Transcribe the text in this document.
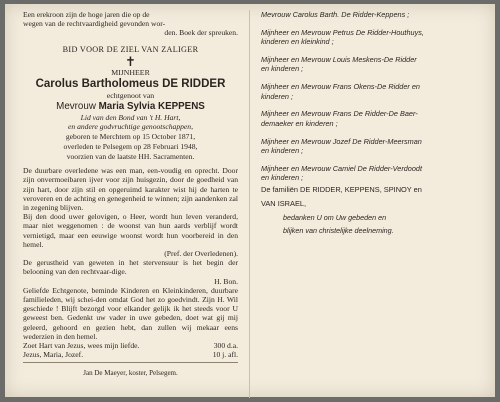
Een erekroon zijn de hoge jaren die op de
wegen van de rechtvaardigheid gevonden wor-
den. Boek der spreuken.
BID VOOR DE ZIEL VAN ZALIGER
✝
MIJNHEER
Carolus Bartholomeus DE RIDDER
echtgenoot van
Mevrouw Maria Sylvia KEPPENS
Lid van den Bond van 't H. Hart,
en andere godvruchtige genootschappen,
geboren te Merchtem op 15 October 1871,
overleden te Pelsegem op 28 Februari 1948,
voorzien van de laatste HH. Sacramenten.
De duurbare overledene was een man, een-voudig en oprecht. Door zijn onvermoeibaren ijver voor zijn huisgezin, door de goedheid van zijn hart, door zijn stil en opgeruimd karakter wist hij de harten te veroveren en de achting en genegenheid te winnen; zijn aandenken zal in zegening blijven.
Bij den dood uwer gelovigen, o Heer, wordt hun leven veranderd, maar niet weggenomen : de woonst van hun aards verblijf wordt vernietigd, maar een eeuwige woonst wordt hun voorbereid in den hemel.
(Pref. der Overledenen).
De gerustheid van geweten in het stervensuur is het begin der belooning van den rechtvaar-dige.
H. Bon.
Geliefde Echtgenote, beminde Kinderen en Kleinkinderen, duurbare familieleden, wij schei-den omdat God het zo goedvindt. Zijn H. Wil geschiede ! Blijft bezorgd voor elkander gelijk ik het steeds voor U geweest ben. Gedenkt uw vader in uwe gebeden, doet wat gij mij geleerd, gehoord en gezien hebt, dan zullen wij mekaar eens wederzien in den hemel.
Zoet Hart van Jezus, wees mijn liefde.	300 d.a.
Jezus, Maria, Jozef.	10 j. afl.
Jan De Maeyer, koster, Pelsegem.
Mevrouw Carolus Barth. De Ridder-Keppens ;
Mijnheer en Mevrouw Petrus De Ridder-Houthuys,
kinderen en kleinkind ;
Mijnheer en Mevrouw Louis Meskens-De Ridder
en kinderen ;
Mijnheer en Mevrouw Frans Okens-De Ridder en
kinderen ;
Mijnheer en Mevrouw Frans De Ridder-De Baer-
demaeker en kinderen ;
Mijnheer en Mevrouw Jozef De Ridder-Meersman
en kinderen ;
Mijnheer en Mevrouw Camiel De Ridder-Verdoodt
en kinderen ;
De familiën DE RIDDER, KEPPENS, SPINOY en
VAN ISRAEL,
bedanken U om Uw gebeden en
blijken van christelijke deelneming.
